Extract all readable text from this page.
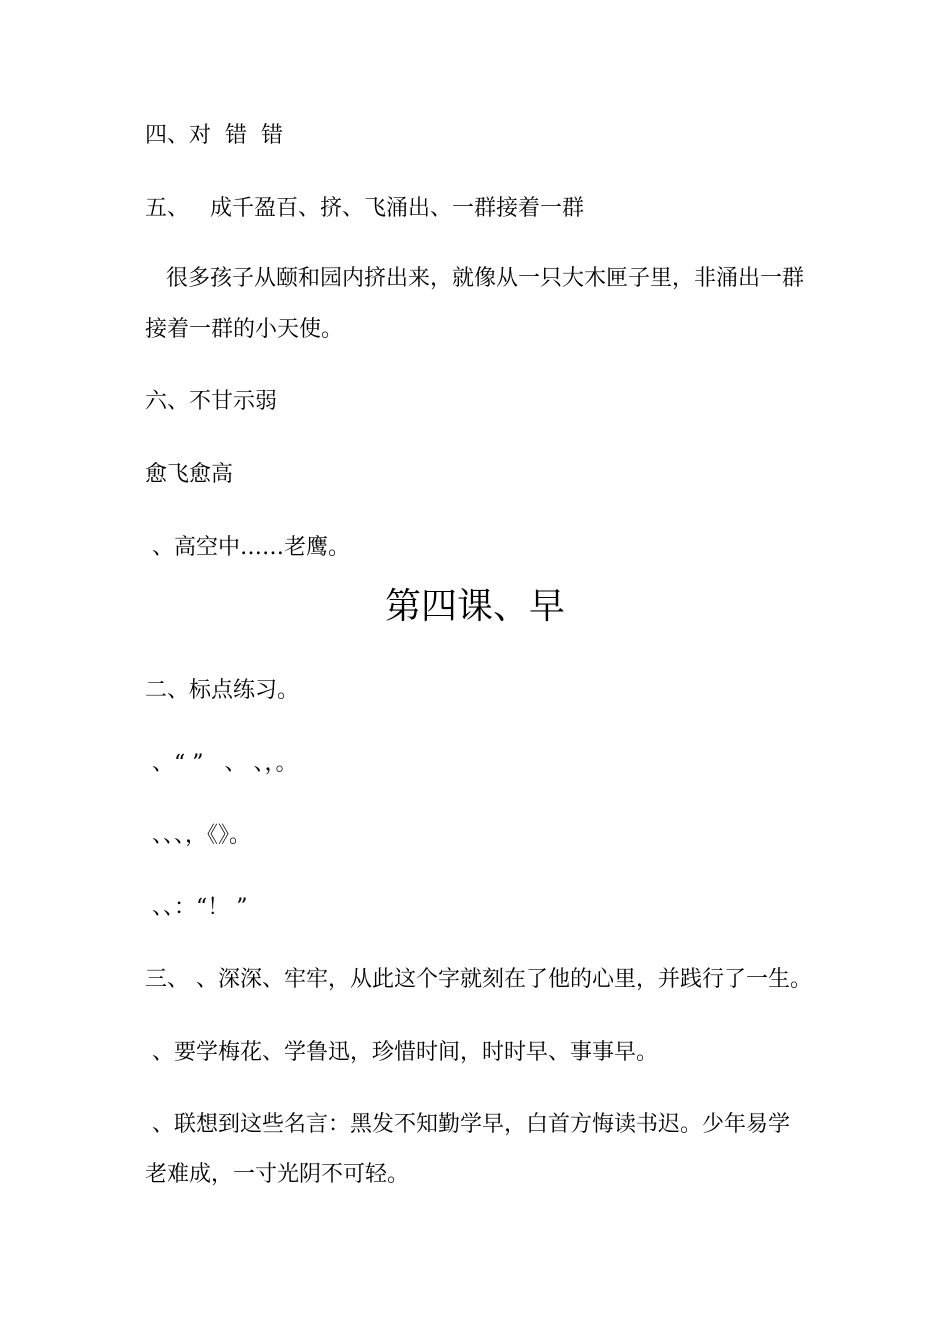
四、对  错  错

五、   成千盈百、挤、飞涌出、一群接着一群

很多孩子从颐和园内挤出来，就像从一只大木匣子里，非涌出一群

接着一群的小天使。

六、不甘示弱

愈飞愈高

、高空中……老鹰。

第四课、早

二、标点练习。

、“ ”   、 、，。

、、、，《》。

、、：“！ ”

三、 、深深、牢牢，从此这个字就刻在了他的心里，并践行了一生。

、要学梅花、学鲁迅，珍惜时间，时时早、事事早。

、联想到这些名言：黑发不知勤学早，白首方悔读书迟。少年易学

老难成，一寸光阴不可轻。
